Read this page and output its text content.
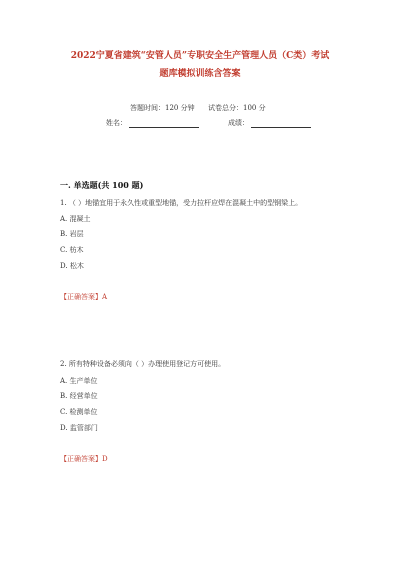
2022宁夏省建筑“安管人员”专职安全生产管理人员（C类）考试
题库模拟训练含答案
答题时间：120 分钟 试卷总分：100 分
姓名：	成绩：
一. 单选题(共 100 题)
1. （ ）地锚宜用于永久性或重型地锚，受力拉杆应焊在混凝土中的型钢梁上。
A. 混凝土
B. 岩层
C. 枋木
D. 松木
【正确答案】A
2. 所有特种设备必须向（ ）办理使用登记方可使用。
A. 生产单位
B. 经营单位
C. 检测单位
D. 监管部门
【正确答案】D
